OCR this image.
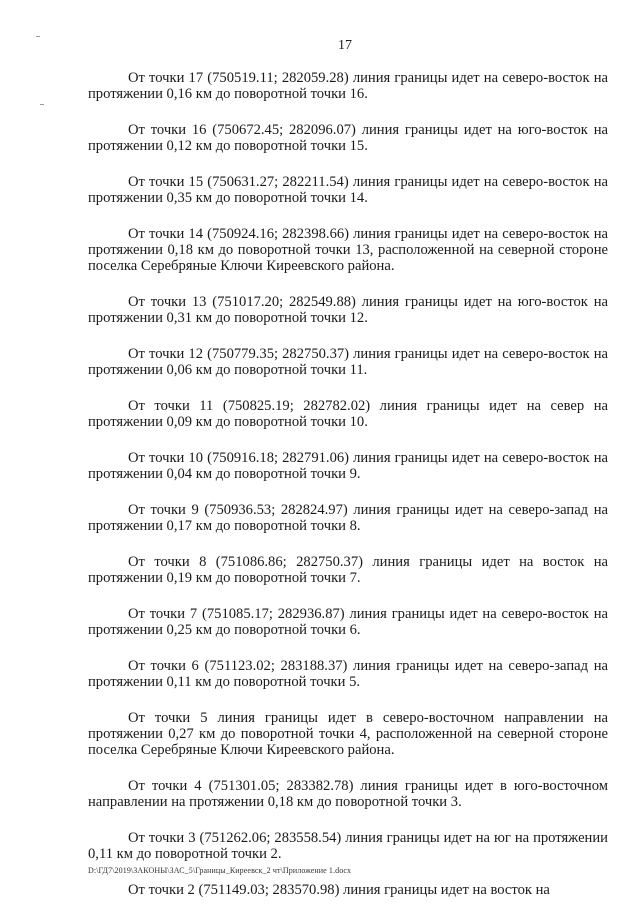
17

От точки 17 (750519.11; 282059.28) линия границы идет на северо-восток на протяжении 0,16 км до поворотной точки 16.

От точки 16 (750672.45; 282096.07) линия границы идет на юго-восток на протяжении 0,12 км до поворотной точки 15.

От точки 15 (750631.27; 282211.54) линия границы идет на северо-восток на протяжении 0,35 км до поворотной точки 14.

От точки 14 (750924.16; 282398.66) линия границы идет на северо-восток на протяжении 0,18 км до поворотной точки 13, расположенной на северной стороне поселка Серебряные Ключи Киреевского района.

От точки 13 (751017.20; 282549.88) линия границы идет на юго-восток на протяжении 0,31 км до поворотной точки 12.

От точки 12 (750779.35; 282750.37) линия границы идет на северо-восток на протяжении 0,06 км до поворотной точки 11.

От точки 11 (750825.19; 282782.02) линия границы идет на север на протяжении 0,09 км до поворотной точки 10.

От точки 10 (750916.18; 282791.06) линия границы идет на северо-восток на протяжении 0,04 км до поворотной точки 9.

От точки 9 (750936.53; 282824.97) линия границы идет на северо-запад на протяжении 0,17 км до поворотной точки 8.

От точки 8 (751086.86; 282750.37) линия границы идет на восток на протяжении 0,19 км до поворотной точки 7.

От точки 7 (751085.17; 282936.87) линия границы идет на северо-восток на протяжении 0,25 км до поворотной точки 6.

От точки 6 (751123.02; 283188.37) линия границы идет на северо-запад на протяжении 0,11 км до поворотной точки 5.

От точки 5 линия границы идет в северо-восточном направлении на протяжении 0,27 км до поворотной точки 4, расположенной на северной стороне поселка Серебряные Ключи Киреевского района.

От точки 4 (751301.05; 283382.78) линия границы идет в юго-восточном направлении на протяжении 0,18 км до поворотной точки 3.

От точки 3 (751262.06; 283558.54) линия границы идет на юг на протяжении 0,11 км до поворотной точки 2.

От точки 2 (751149.03; 283570.98) линия границы идет на восток на

D:\ГД7\2019\ЗАКОНЫ\ЗАС_5\Границы_Киреевск_2 чт\Приложение 1.docx
